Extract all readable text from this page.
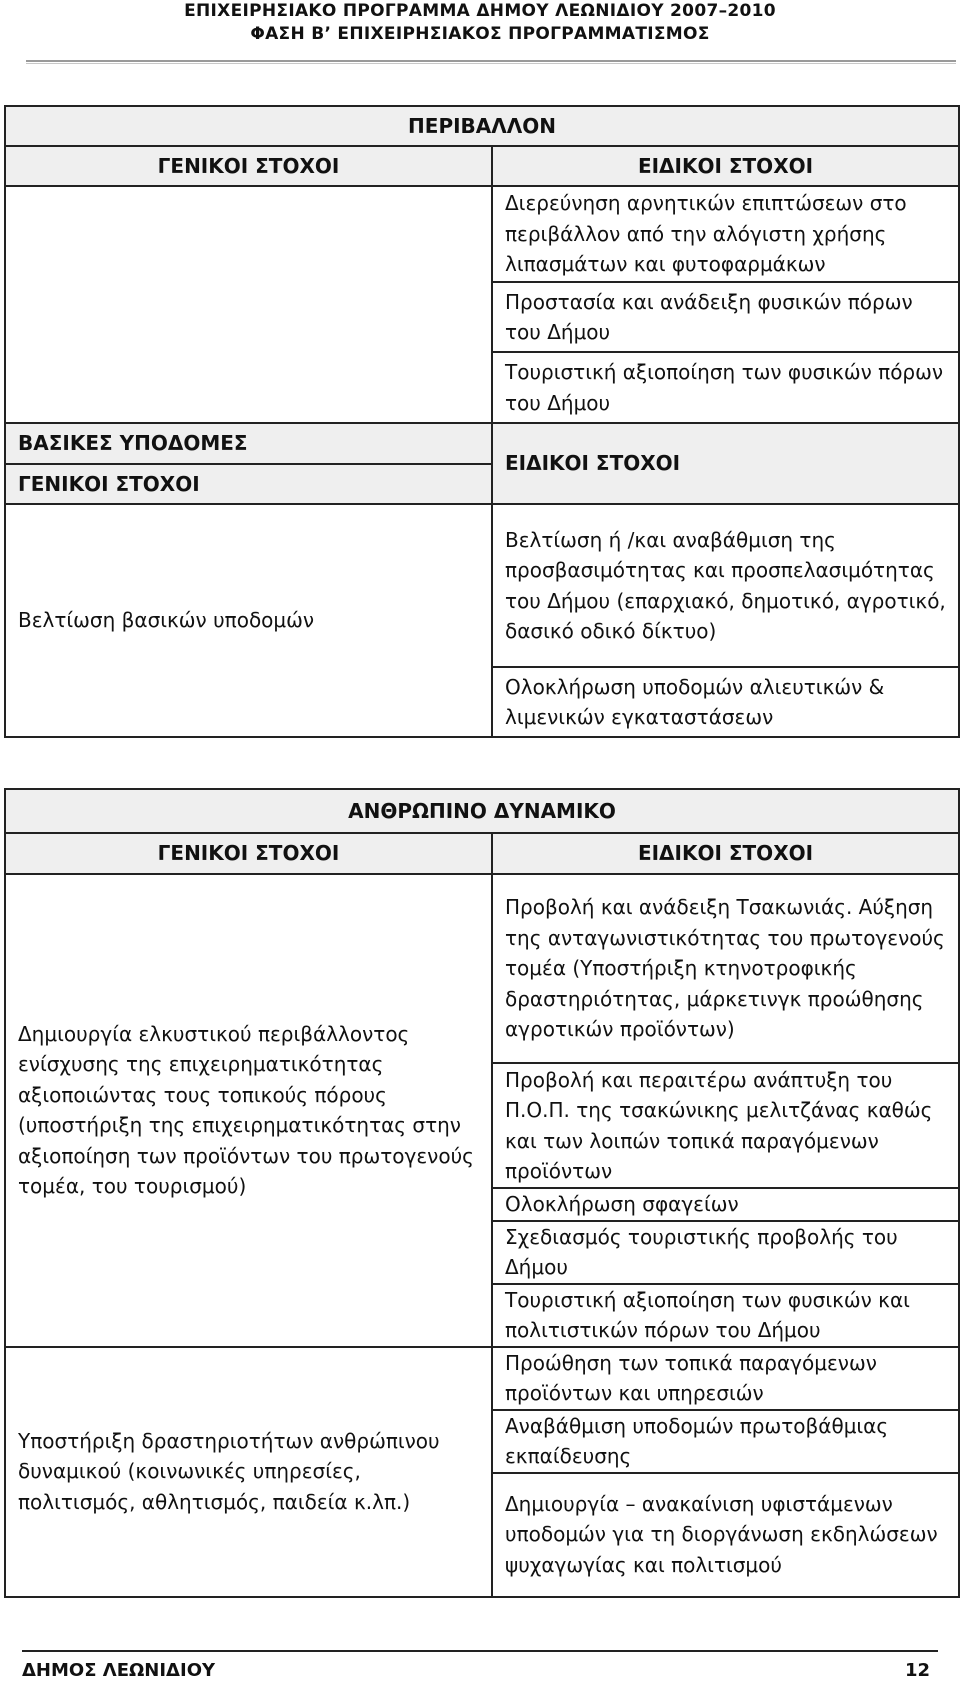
ΕΠΙΧΕΙΡΗΣΙΑΚΟ ΠΡΟΓΡΑΜΜΑ ΔΗΜΟΥ ΛΕΩΝΙΔΙΟΥ 2007–2010
ΦΑΣΗ Β’ ΕΠΙΧΕΙΡΗΣΙΑΚΟΣ ΠΡΟΓΡΑΜΜΑΤΙΣΜΟΣ
ΠΕΡΙΒΑΛΛΟΝ	
ΓΕΝΙΚΟΙ ΣΤΟΧΟΙ	ΕΙΔΙΚΟΙ ΣΤΟΧΟΙ
	Διερεύνηση αρνητικών επιπτώσεων στο περιβάλλον από την αλόγιστη χρήσης λιπασμάτων και φυτοφαρμάκων
	Προστασία και ανάδειξη φυσικών πόρων του Δήμου
	Τουριστική αξιοποίηση των φυσικών πόρων του Δήμου
ΒΑΣΙΚΕΣ ΥΠΟΔΟΜΕΣ	ΕΙΔΙΚΟΙ ΣΤΟΧΟΙ
ΓΕΝΙΚΟΙ ΣΤΟΧΟΙ	
Βελτίωση βασικών υποδομών	Βελτίωση ή /και αναβάθμιση της προσβασιμότητας και προσπελασιμότητας του Δήμου (επαρχιακό, δημοτικό, αγροτικό, δασικό οδικό δίκτυο)
	Ολοκλήρωση υποδομών αλιευτικών & λιμενικών εγκαταστάσεων
ΑΝΘΡΩΠΙΝΟ ΔΥΝΑΜΙΚΟ	
ΓΕΝΙΚΟΙ ΣΤΟΧΟΙ	ΕΙΔΙΚΟΙ ΣΤΟΧΟΙ
Δημιουργία ελκυστικού περιβάλλοντος ενίσχυσης της επιχειρηματικότητας αξιοποιώντας τους τοπικούς πόρους (υποστήριξη της επιχειρηματικότητας στην αξιοποίηση των προϊόντων του πρωτογενούς τομέα, του τουρισμού)	Προβολή και ανάδειξη Τσακωνιάς. Αύξηση της ανταγωνιστικότητας του πρωτογενούς τομέα (Υποστήριξη κτηνοτροφικής δραστηριότητας, μάρκετινγκ προώθησης αγροτικών προϊόντων)
	Προβολή και περαιτέρω ανάπτυξη του Π.Ο.Π. της τσακώνικης μελιτζάνας καθώς και των λοιπών τοπικά παραγόμενων προϊόντων
	Ολοκλήρωση σφαγείων
	Σχεδιασμός τουριστικής προβολής του Δήμου
	Τουριστική αξιοποίηση των φυσικών και πολιτιστικών πόρων του Δήμου
Υποστήριξη δραστηριοτήτων ανθρώπινου δυναμικού (κοινωνικές υπηρεσίες, πολιτισμός, αθλητισμός, παιδεία κ.λπ.)	Προώθηση των τοπικά παραγόμενων προϊόντων και υπηρεσιών
	Αναβάθμιση υποδομών πρωτοβάθμιας εκπαίδευσης
	Δημιουργία – ανακαίνιση υφιστάμενων υποδομών για τη διοργάνωση εκδηλώσεων ψυχαγωγίας και πολιτισμού
ΔΗΜΟΣ ΛΕΩΝΙΔΙΟΥ	12
